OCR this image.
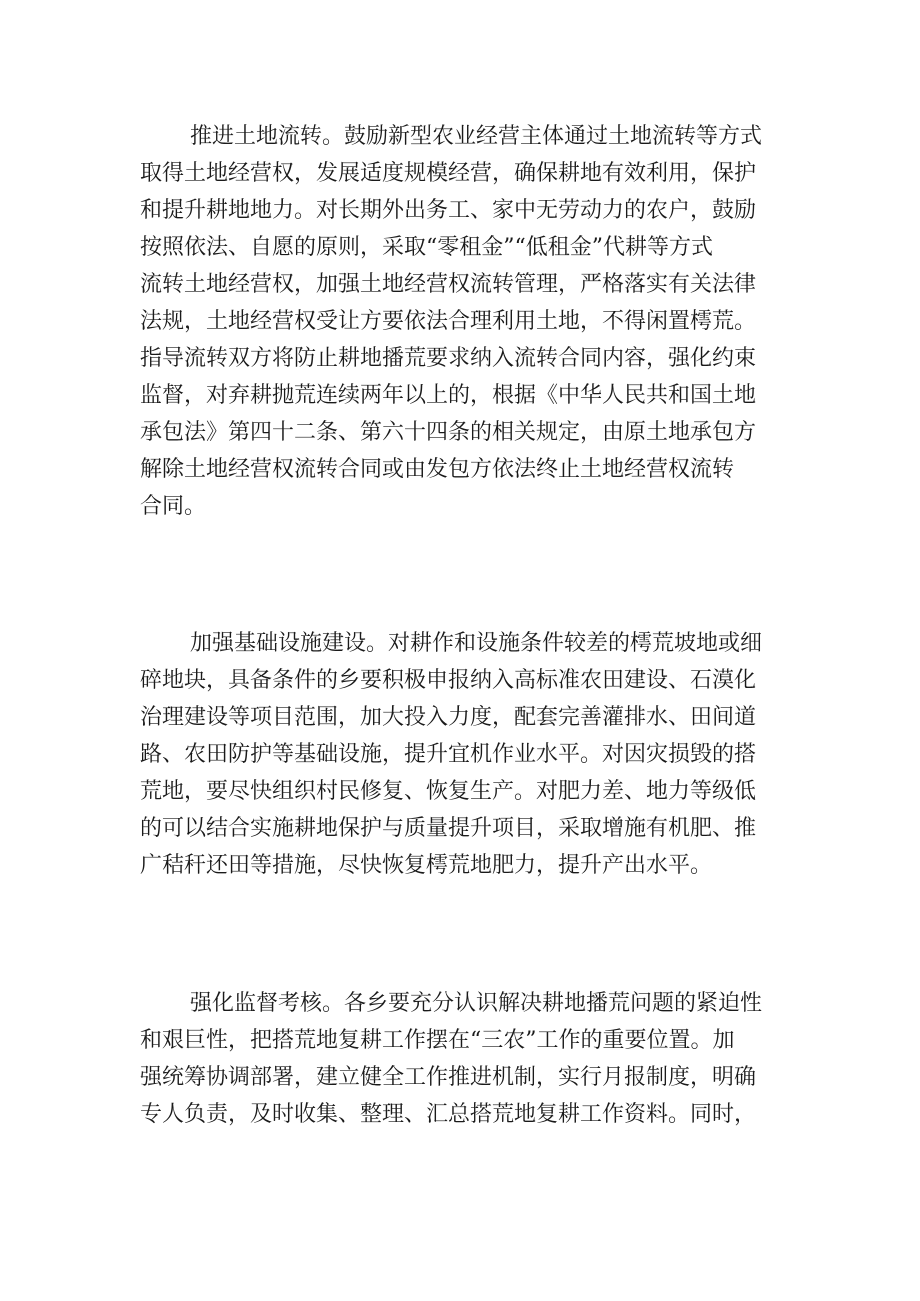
推进土地流转。鼓励新型农业经营主体通过土地流转等方式
取得土地经营权，发展适度规模经营，确保耕地有效利用，保护
和提升耕地地力。对长期外出务工、家中无劳动力的农户，鼓励
按照依法、自愿的原则，采取“零租金”“低租金”代耕等方式
流转土地经营权，加强土地经营权流转管理，严格落实有关法律
法规，土地经营权受让方要依法合理利用土地，不得闲置樗荒。
指导流转双方将防止耕地播荒要求纳入流转合同内容，强化约束
监督，对弃耕抛荒连续两年以上的，根据《中华人民共和国土地
承包法》第四十二条、第六十四条的相关规定，由原土地承包方
解除土地经营权流转合同或由发包方依法终止土地经营权流转
合同。
加强基础设施建设。对耕作和设施条件较差的樗荒坡地或细
碎地块，具备条件的乡要积极申报纳入高标准农田建设、石漠化
治理建设等项目范围，加大投入力度，配套完善灌排水、田间道
路、农田防护等基础设施，提升宜机作业水平。对因灾损毁的搭
荒地，要尽快组织村民修复、恢复生产。对肥力差、地力等级低
的可以结合实施耕地保护与质量提升项目，采取增施有机肥、推
广秸秆还田等措施，尽快恢复樗荒地肥力，提升产出水平。
强化监督考核。各乡要充分认识解决耕地播荒问题的紧迫性
和艰巨性，把搭荒地复耕工作摆在“三农”工作的重要位置。加
强统筹协调部署，建立健全工作推进机制，实行月报制度，明确
专人负责，及时收集、整理、汇总搭荒地复耕工作资料。同时，
